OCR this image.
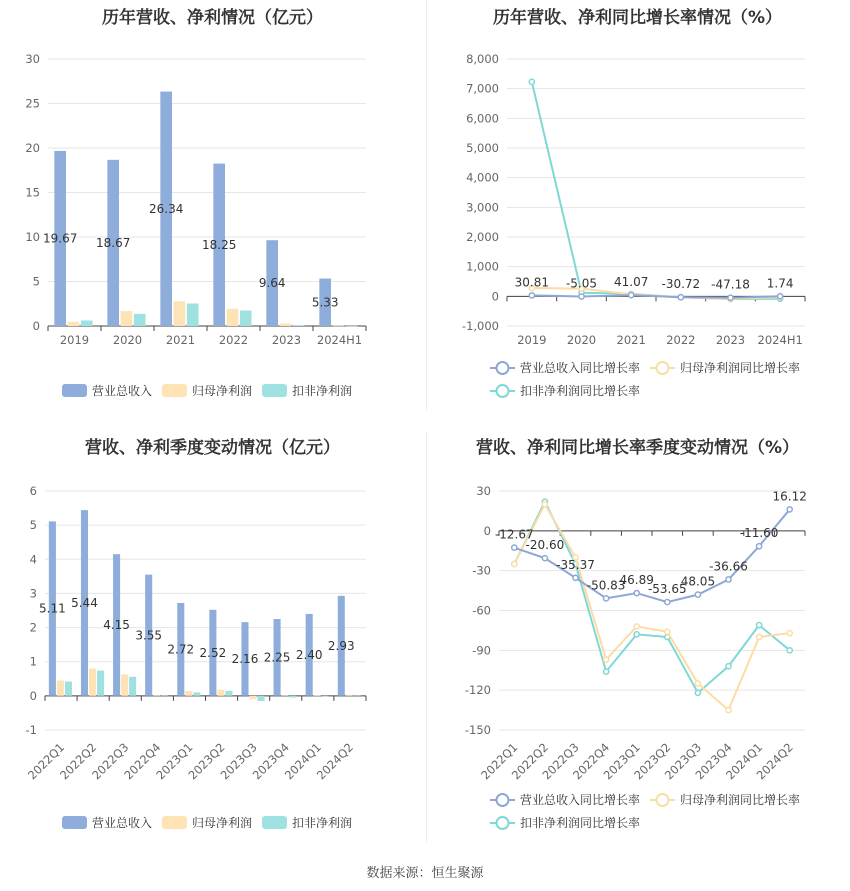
历年营收、净利情况（亿元）
0
5
10
15
20
25
30
2019 2020 2021 2022 2023 2024H1
19.67 18.67
26.34
18.25
9.64
5.33
营业总收入	归母净利润	扣非净利润
历年营收、净利同比增长率情况（%）
-1,000
0
1,000
2,000
3,000
4,000
5,000
6,000
7,000
8,000
2019 2020 2021 2022 2023 2024H1
30.81 -5.05 41.07 -30.72 -47.18 1.74
营业总收入同比增长率	归母净利润同比增长率
扣非净利润同比增长率
营收、净利季度变动情况（亿元）
-1
0
1
2
3
4
5
6
2022Q1
2022Q2
2022Q3
2022Q4
2023Q1
2023Q2
2023Q3
2023Q4
2024Q1
2024Q2
5.11 5.44
4.15
3.55
2.72 2.52 2.16 2.25 2.40
2.93
营业总收入	归母净利润	扣非净利润
营收、净利同比增长率季度变动情况（%）
-150
-120
-90
-60
-30
0
30
2022Q1
2022Q2
2022Q3
2022Q4
2023Q1
2023Q2
2023Q3
2023Q4
2024Q1
2024Q2
-12.67
-20.60
-35.37
-50.83
46.89
-53.65
48.05
-36.66
-11.60
16.12
营业总收入同比增长率	归母净利润同比增长率
扣非净利润同比增长率
数据来源：恒生聚源
